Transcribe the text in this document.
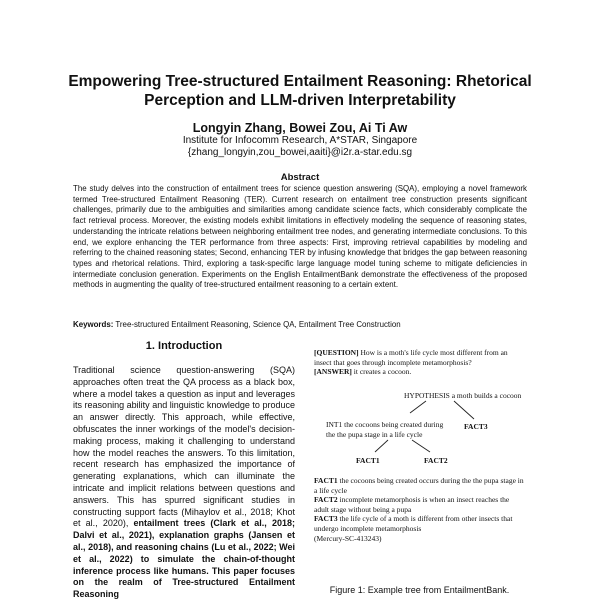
Empowering Tree-structured Entailment Reasoning: Rhetorical
Perception and LLM-driven Interpretability

Longyin Zhang, Bowei Zou, Ai Ti Aw

Institute for Infocomm Research, A*STAR, Singapore
{zhang_longyin,zou_bowei,aaiti}@i2r.a-star.edu.sg

Abstract

The study delves into the construction of entailment trees for science question answering (SQA), employing a novel framework termed Tree-structured Entailment Reasoning (TER). Current research on entailment tree construction presents significant challenges, primarily due to the ambiguities and similarities among candidate science facts, which considerably complicate the fact retrieval process. Moreover, the existing models exhibit limitations in effectively modeling the sequence of reasoning states, understanding the intricate relations between neighboring entailment tree nodes, and generating intermediate conclusions. To this end, we explore enhancing the TER performance from three aspects: First, improving retrieval capabilities by modeling and referring to the chained reasoning states; Second, enhancing TER by infusing knowledge that bridges the gap between reasoning types and rhetorical relations. Third, exploring a task-specific large language model tuning scheme to mitigate deficiencies in intermediate conclusion generation. Experiments on the English EntailmentBank demonstrate the effectiveness of the proposed methods in augmenting the quality of tree-structured entailment reasoning to a certain extent.

Keywords: Tree-structured Entailment Reasoning, Science QA, Entailment Tree Construction

1. Introduction

Traditional science question-answering (SQA) approaches often treat the QA process as a black box, where a model takes a question as input and leverages its reasoning ability and linguistic knowledge to produce an answer directly. This approach, while effective, obfuscates the inner workings of the model's decision-making process, making it challenging to understand how the model reaches the answers. To this limitation, recent research has emphasized the importance of generating explanations, which can illuminate the intricate and implicit relations between questions and answers. This has spurred significant studies in constructing support facts (Mihaylov et al., 2018; Khot et al., 2020), entailment trees (Clark et al., 2018; Dalvi et al., 2021), explanation graphs (Jansen et al., 2018), and reasoning chains (Lu et al., 2022; Wei et al., 2022) to simulate the chain-of-thought inference process like humans. This paper focuses on the realm of Tree-structured Entailment Reasoning

[QUESTION] How is a moth's life cycle most different from an insect that goes through incomplete metamorphosis?
[ANSWER] it creates a cocoon.

HYPOTHESIS a moth builds a cocoon

INT1 the cocoons being created during
the the pupa stage in a life cycle

FACT3

FACT1	FACT2

FACT1 the cocoons being created occurs during the the pupa stage in a life cycle
FACT2 incomplete metamorphosis is when an insect reaches the adult stage without being a pupa
FACT3 the life cycle of a moth is different from other insects that undergo incomplete metamorphosis
(Mercury-SC-413243)

Figure 1: Example tree from EntailmentBank.
